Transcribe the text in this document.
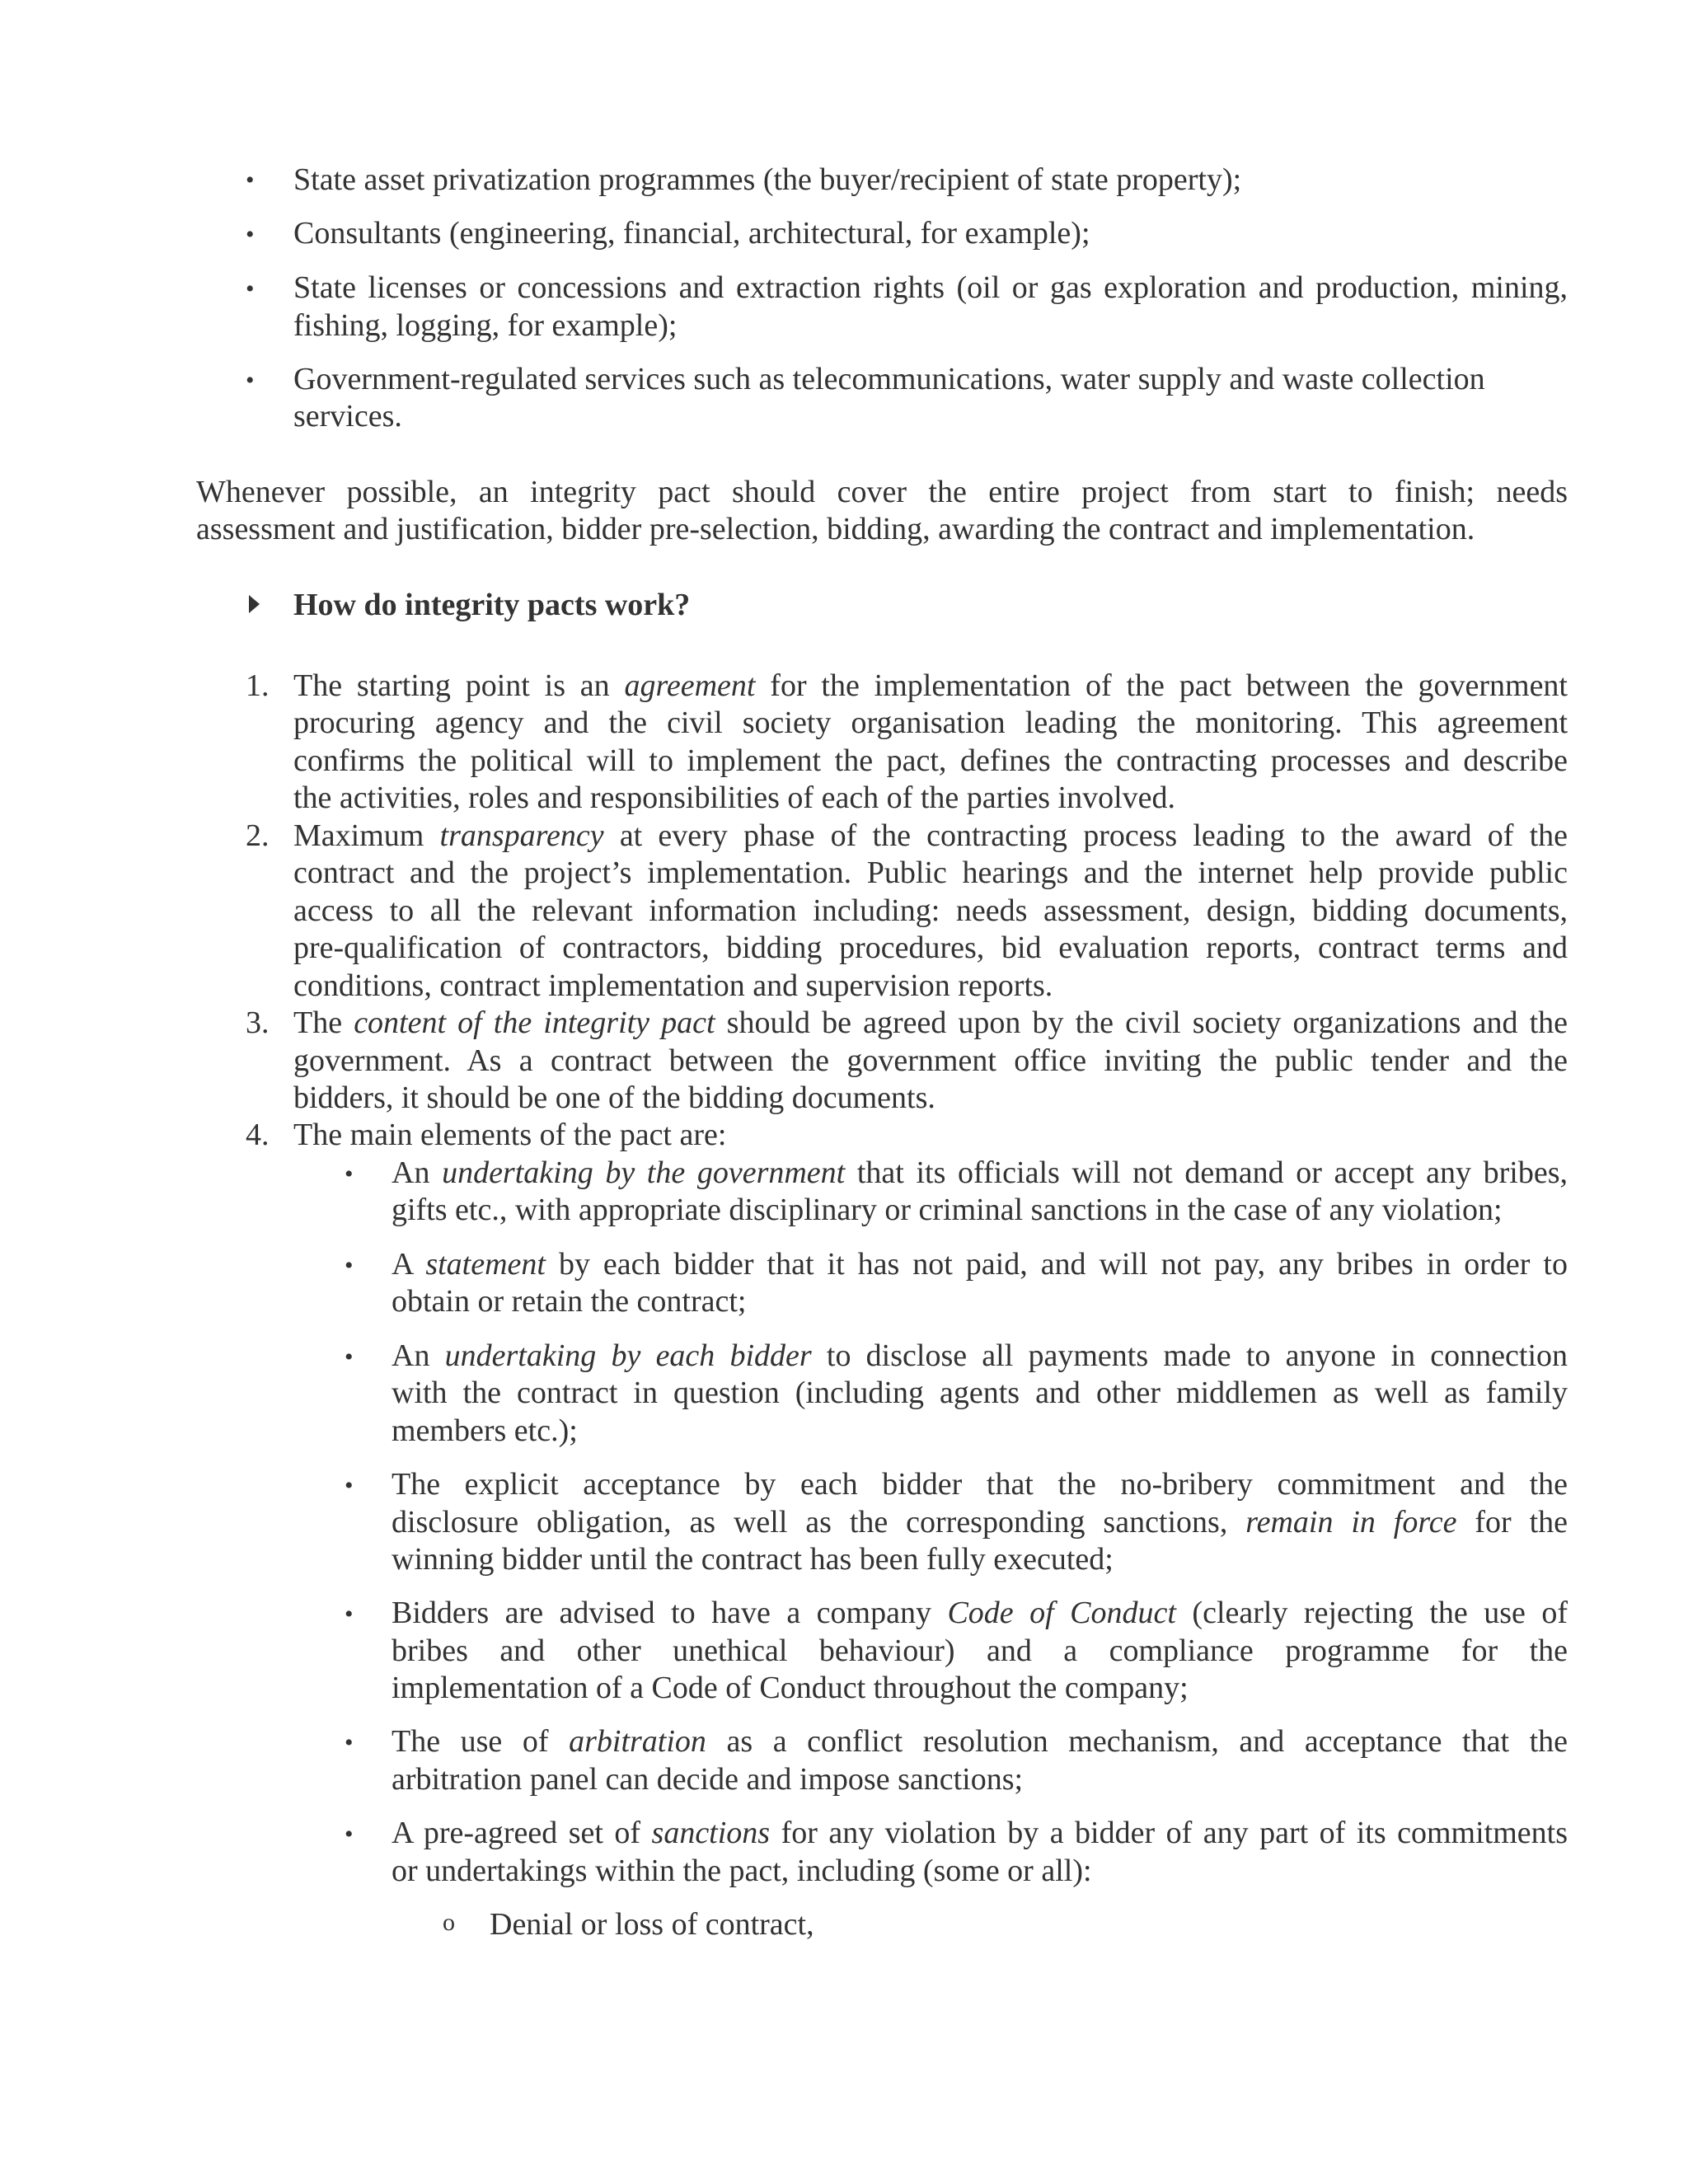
• State asset privatization programmes (the buyer/recipient of state property);
• Consultants (engineering, financial, architectural, for example);
• State licenses or concessions and extraction rights (oil or gas exploration and production, mining,
fishing, logging, for example);
• Government-regulated services such as telecommunications, water supply and waste collection
services.
Whenever possible, an integrity pact should cover the entire project from start to finish; needs
assessment and justification, bidder pre-selection, bidding, awarding the contract and implementation.
How do integrity pacts work?
1. The starting point is an agreement for the implementation of the pact between the government
procuring agency and the civil society organisation leading the monitoring. This agreement
confirms the political will to implement the pact, defines the contracting processes and describe
the activities, roles and responsibilities of each of the parties involved.
2. Maximum transparency at every phase of the contracting process leading to the award of the
contract and the project’s implementation. Public hearings and the internet help provide public
access to all the relevant information including: needs assessment, design, bidding documents,
pre-qualification of contractors, bidding procedures, bid evaluation reports, contract terms and
conditions, contract implementation and supervision reports.
3. The content of the integrity pact should be agreed upon by the civil society organizations and the
government. As a contract between the government office inviting the public tender and the
bidders, it should be one of the bidding documents.
4. The main elements of the pact are:
• An undertaking by the government that its officials will not demand or accept any bribes,
gifts etc., with appropriate disciplinary or criminal sanctions in the case of any violation;
• A statement by each bidder that it has not paid, and will not pay, any bribes in order to
obtain or retain the contract;
• An undertaking by each bidder to disclose all payments made to anyone in connection
with the contract in question (including agents and other middlemen as well as family
members etc.);
• The explicit acceptance by each bidder that the no-bribery commitment and the
disclosure obligation, as well as the corresponding sanctions, remain in force for the
winning bidder until the contract has been fully executed;
• Bidders are advised to have a company Code of Conduct (clearly rejecting the use of
bribes and other unethical behaviour) and a compliance programme for the
implementation of a Code of Conduct throughout the company;
• The use of arbitration as a conflict resolution mechanism, and acceptance that the
arbitration panel can decide and impose sanctions;
• A pre-agreed set of sanctions for any violation by a bidder of any part of its commitments
or undertakings within the pact, including (some or all):
o Denial or loss of contract,
